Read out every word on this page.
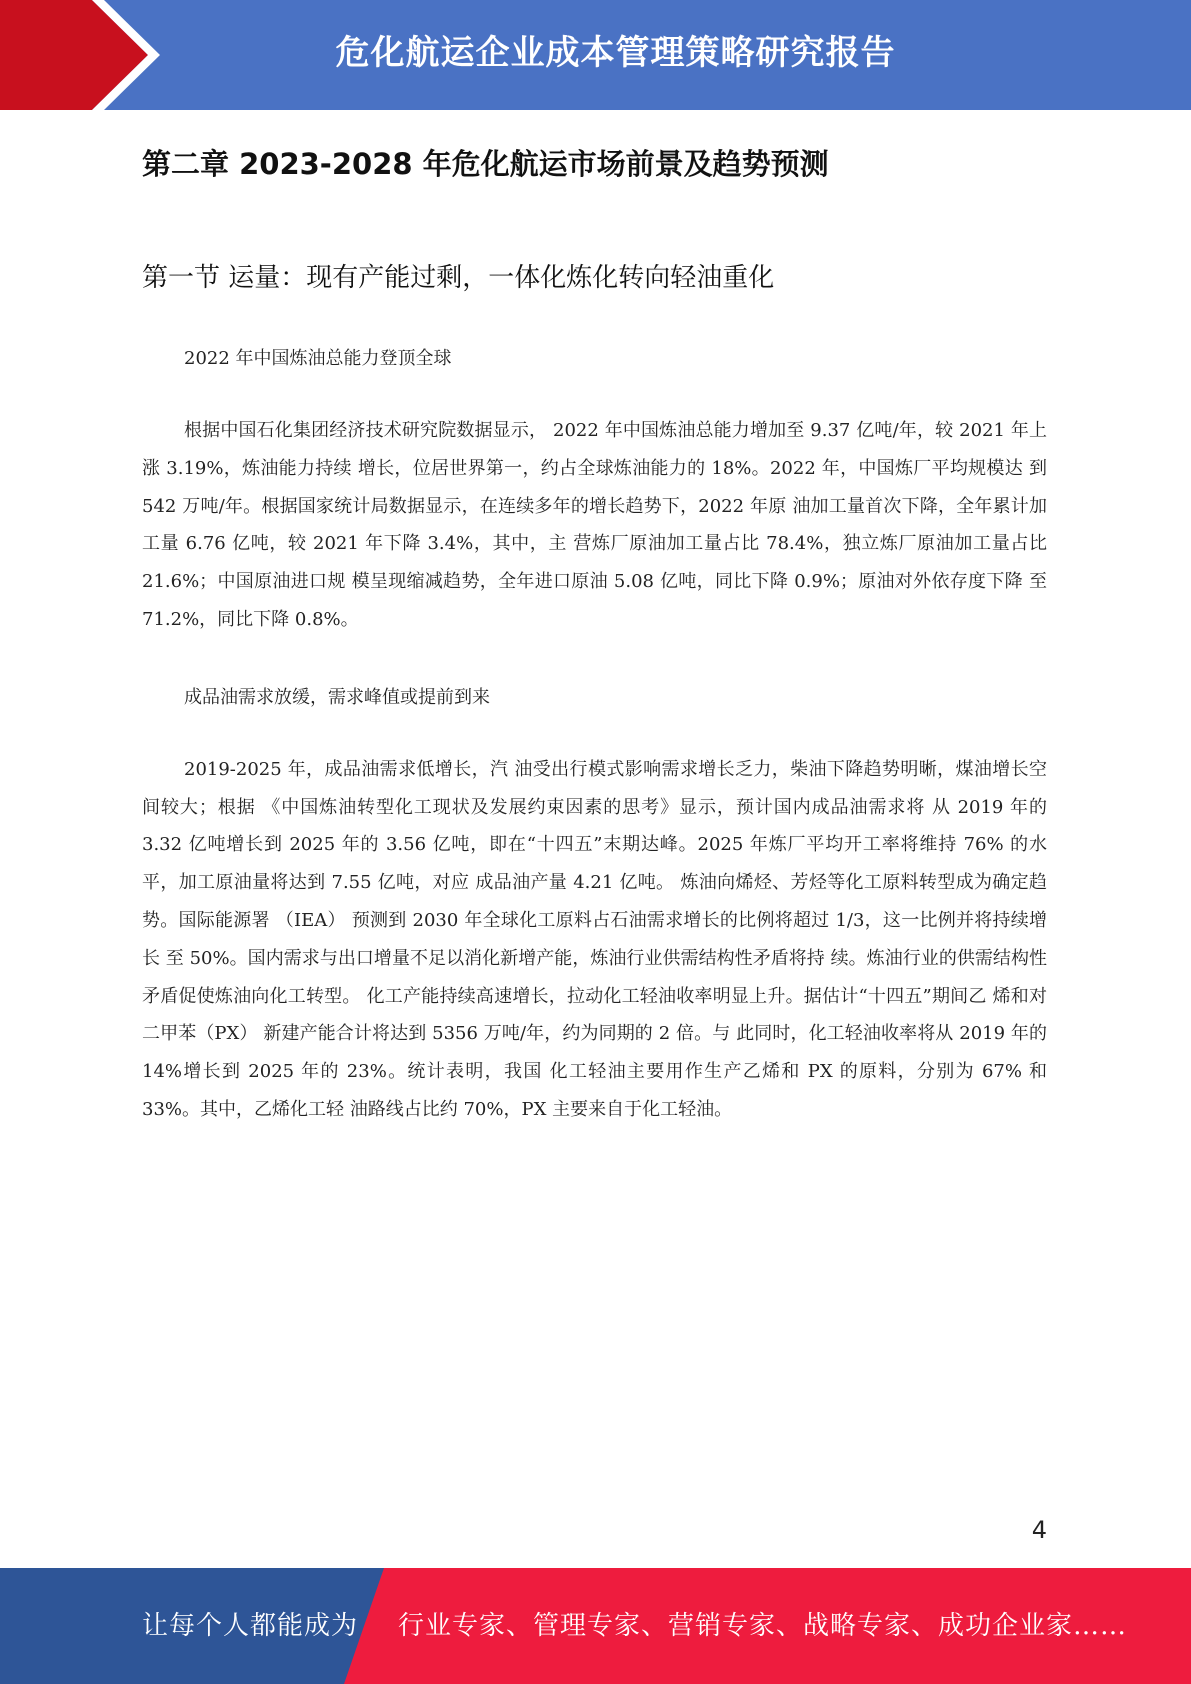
危化航运企业成本管理策略研究报告
第二章 2023-2028 年危化航运市场前景及趋势预测
第一节 运量：现有产能过剩，一体化炼化转向轻油重化
2022 年中国炼油总能力登顶全球
根据中国石化集团经济技术研究院数据显示， 2022 年中国炼油总能力增加至 9.37 亿吨/年，较 2021 年上涨 3.19%，炼油能力持续 增长，位居世界第一，约占全球炼油能力的 18%。2022 年，中国炼厂平均规模达 到 542 万吨/年。根据国家统计局数据显示，在连续多年的增长趋势下，2022 年原 油加工量首次下降，全年累计加工量 6.76 亿吨，较 2021 年下降 3.4%，其中，主 营炼厂原油加工量占比 78.4%，独立炼厂原油加工量占比 21.6%；中国原油进口规 模呈现缩减趋势，全年进口原油 5.08 亿吨，同比下降 0.9%；原油对外依存度下降 至 71.2%，同比下降 0.8%。
成品油需求放缓，需求峰值或提前到来
2019-2025 年，成品油需求低增长，汽 油受出行模式影响需求增长乏力，柴油下降趋势明晰，煤油增长空间较大；根据 《中国炼油转型化工现状及发展约束因素的思考》显示，预计国内成品油需求将 从 2019 年的 3.32 亿吨增长到 2025 年的 3.56 亿吨，即在“十四五”末期达峰。2025 年炼厂平均开工率将维持 76% 的水平，加工原油量将达到 7.55 亿吨，对应 成品油产量 4.21 亿吨。 炼油向烯烃、芳烃等化工原料转型成为确定趋势。国际能源署 （IEA） 预测到 2030 年全球化工原料占石油需求增长的比例将超过 1/3，这一比例并将持续增长 至 50%。国内需求与出口增量不足以消化新增产能，炼油行业供需结构性矛盾将持 续。炼油行业的供需结构性矛盾促使炼油向化工转型。 化工产能持续高速增长，拉动化工轻油收率明显上升。据估计“十四五”期间乙 烯和对二甲苯（PX） 新建产能合计将达到 5356 万吨/年，约为同期的 2 倍。与 此同时，化工轻油收率将从 2019 年的 14%增长到 2025 年的 23%。统计表明，我国 化工轻油主要用作生产乙烯和 PX 的原料，分别为 67% 和 33%。其中，乙烯化工轻 油路线占比约 70%，PX 主要来自于化工轻油。
4
让每个人都能成为 行业专家、管理专家、营销专家、战略专家、成功企业家……
